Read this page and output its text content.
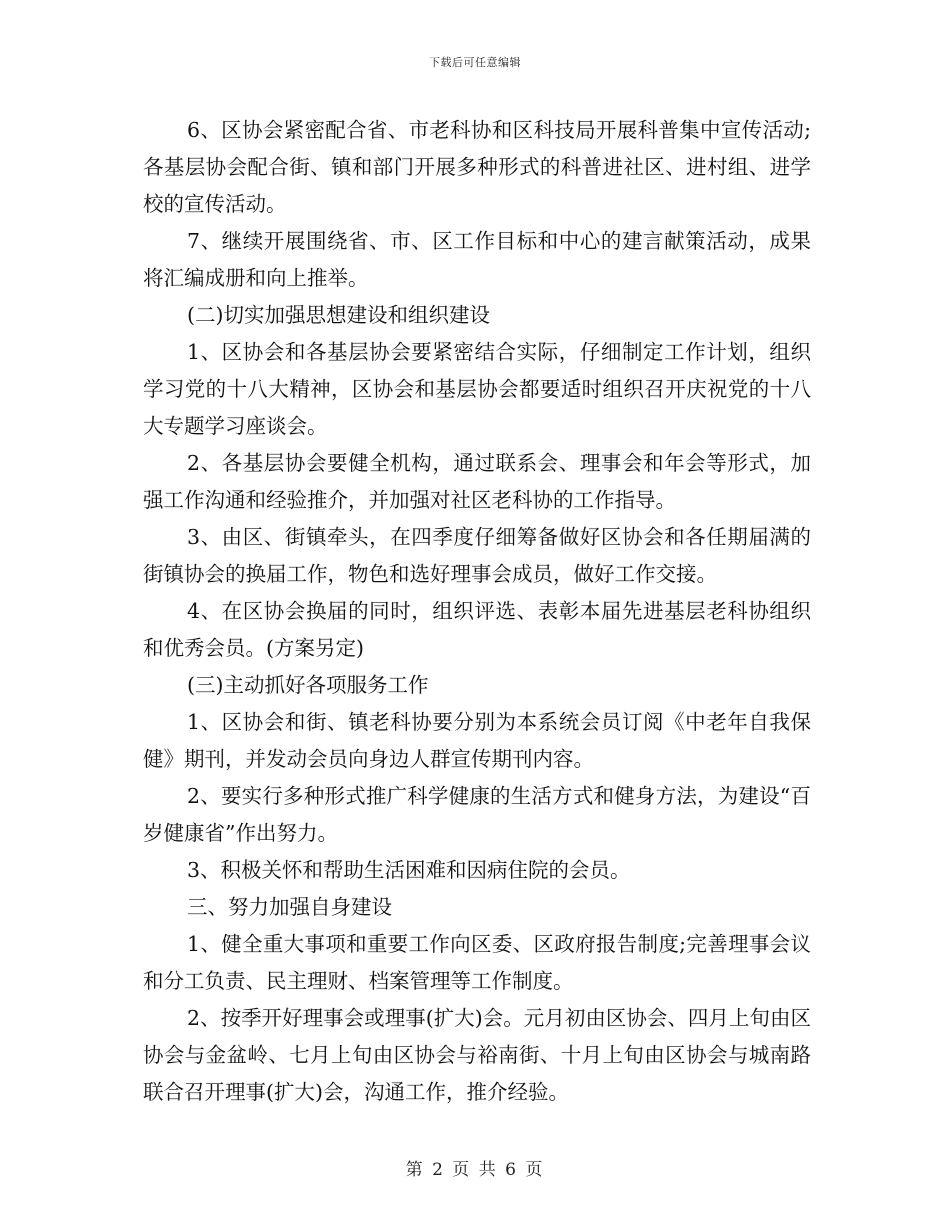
下载后可任意编辑

6、区协会紧密配合省、市老科协和区科技局开展科普集中宣传活动;各基层协会配合街、镇和部门开展多种形式的科普进社区、进村组、进学校的宣传活动。

7、继续开展围绕省、市、区工作目标和中心的建言献策活动，成果将汇编成册和向上推举。

(二)切实加强思想建设和组织建设

1、区协会和各基层协会要紧密结合实际，仔细制定工作计划，组织学习党的十八大精神，区协会和基层协会都要适时组织召开庆祝党的十八大专题学习座谈会。

2、各基层协会要健全机构，通过联系会、理事会和年会等形式，加强工作沟通和经验推介，并加强对社区老科协的工作指导。

3、由区、街镇牵头，在四季度仔细筹备做好区协会和各任期届满的街镇协会的换届工作，物色和选好理事会成员，做好工作交接。

4、在区协会换届的同时，组织评选、表彰本届先进基层老科协组织和优秀会员。(方案另定)

(三)主动抓好各项服务工作

1、区协会和街、镇老科协要分别为本系统会员订阅《中老年自我保健》期刊，并发动会员向身边人群宣传期刊内容。

2、要实行多种形式推广科学健康的生活方式和健身方法，为建设“百岁健康省”作出努力。

3、积极关怀和帮助生活困难和因病住院的会员。

三、努力加强自身建设

1、健全重大事项和重要工作向区委、区政府报告制度;完善理事会议和分工负责、民主理财、档案管理等工作制度。

2、按季开好理事会或理事(扩大)会。元月初由区协会、四月上旬由区协会与金盆岭、七月上旬由区协会与裕南街、十月上旬由区协会与城南路联合召开理事(扩大)会，沟通工作，推介经验。

第 2 页 共 6 页
